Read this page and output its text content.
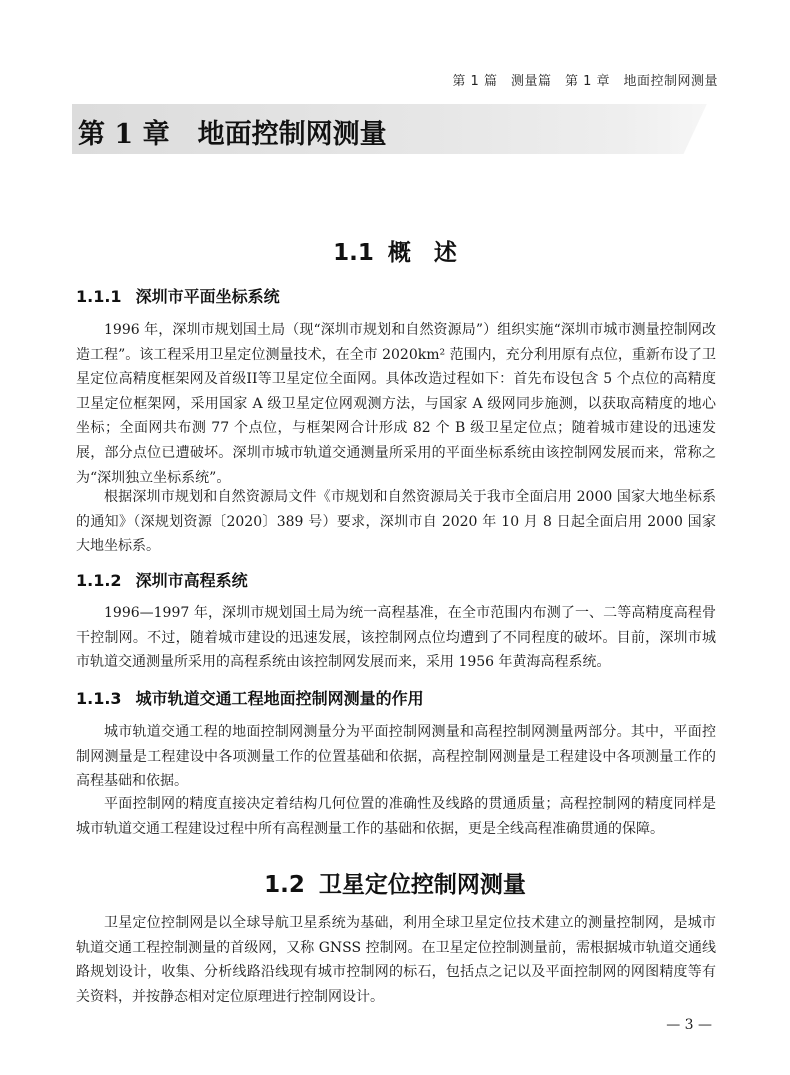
第 1 篇　测量篇　第 1 章　地面控制网测量
第 1 章 地面控制网测量
1.1 概　述
1.1.1 深圳市平面坐标系统

1996 年，深圳市规划国土局（现“深圳市规划和自然资源局”）组织实施“深圳市城市测量控制网改造工程”。该工程采用卫星定位测量技术，在全市 2020km² 范围内，充分利用原有点位，重新布设了卫星定位高精度框架网及首级II等卫星定位全面网。具体改造过程如下：首先布设包含 5 个点位的高精度卫星定位框架网，采用国家 A 级卫星定位网观测方法，与国家 A 级网同步施测，以获取高精度的地心坐标；全面网共布测 77 个点位，与框架网合计形成 82 个 B 级卫星定位点；随着城市建设的迅速发展，部分点位已遭破坏。深圳市城市轨道交通测量所采用的平面坐标系统由该控制网发展而来，常称之为“深圳独立坐标系统”。

根据深圳市规划和自然资源局文件《市规划和自然资源局关于我市全面启用 2000 国家大地坐标系的通知》（深规划资源〔2020〕389 号）要求，深圳市自 2020 年 10 月 8 日起全面启用 2000 国家大地坐标系。

1.1.2 深圳市高程系统

1996—1997 年，深圳市规划国土局为统一高程基准，在全市范围内布测了一、二等高精度高程骨干控制网。不过，随着城市建设的迅速发展，该控制网点位均遭到了不同程度的破坏。目前，深圳市城市轨道交通测量所采用的高程系统由该控制网发展而来，采用 1956 年黄海高程系统。

1.1.3 城市轨道交通工程地面控制网测量的作用

城市轨道交通工程的地面控制网测量分为平面控制网测量和高程控制网测量两部分。其中，平面控制网测量是工程建设中各项测量工作的位置基础和依据，高程控制网测量是工程建设中各项测量工作的高程基础和依据。

平面控制网的精度直接决定着结构几何位置的准确性及线路的贯通质量；高程控制网的精度同样是城市轨道交通工程建设过程中所有高程测量工作的基础和依据，更是全线高程准确贯通的保障。

1.2 卫星定位控制网测量

卫星定位控制网是以全球导航卫星系统为基础，利用全球卫星定位技术建立的测量控制网，是城市轨道交通工程控制测量的首级网，又称 GNSS 控制网。在卫星定位控制测量前，需根据城市轨道交通线路规划设计，收集、分析线路沿线现有城市控制网的标石，包括点之记以及平面控制网的网图精度等有关资料，并按静态相对定位原理进行控制网设计。

— 3 —
